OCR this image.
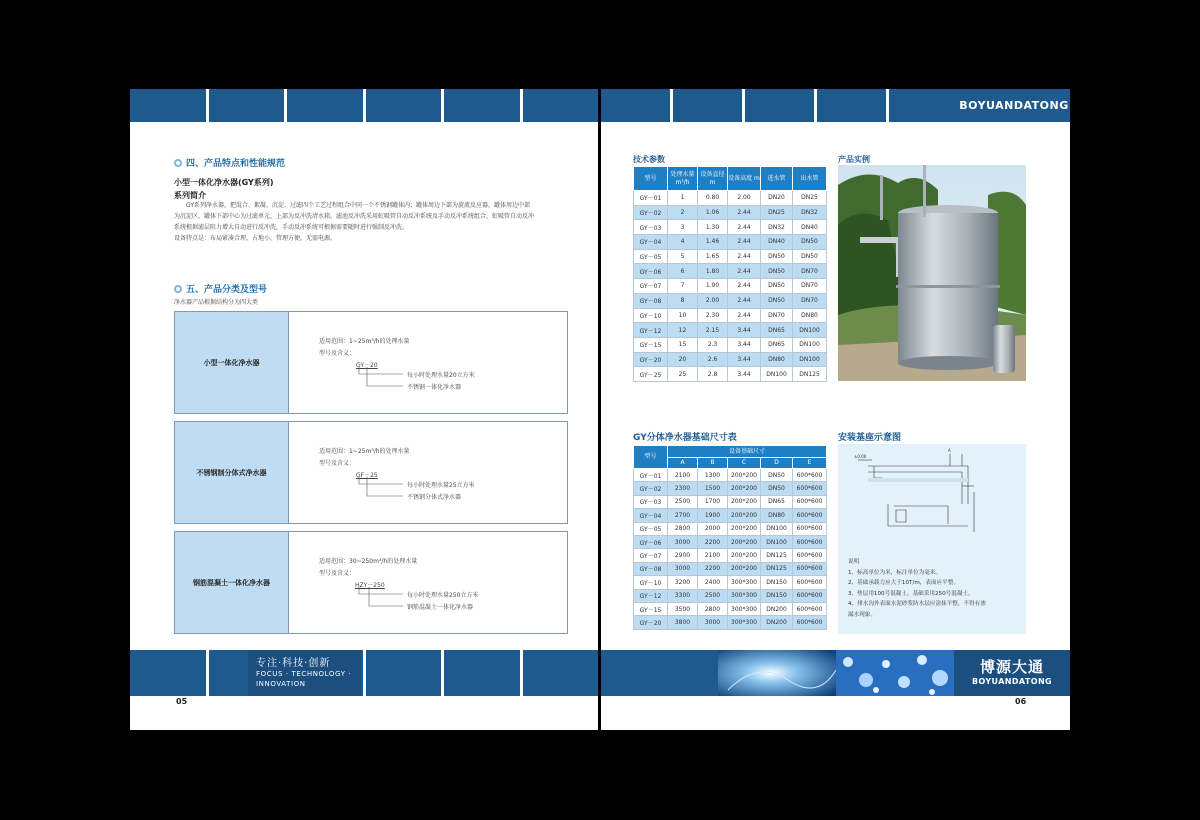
四、产品特点和性能规范
小型一体化净水器(GY系列)
系列简介
GY系列净水器，把混合、絮凝、沉淀、过滤四个工艺过程组合中同一个不锈钢罐体内；罐体周边下部为旋流反应器，罐体周边中部
为沉淀区，罐体下部中心为过滤单元，上部为反冲洗清水箱。滤池反冲洗采用虹吸管自动反冲系统及手动反冲系统组合，虹吸管自动反冲
系统根据滤层阻力增大自动进行反冲洗，手动反冲系统可根据需要随时进行强制反冲洗。
设备特点是：布局紧凑合理，占地小，管理方便，无需电源。
五、产品分类及型号
净水器产品根据结构分为四大类
小型一体化净水器
适用范围：1~25m³/h的处理水量
型号及含义：
GY－20
每小时处理水量20立方米
不锈钢一体化净水器
不锈钢制分体式净水器
适用范围：1~25m³/h的处理水量
型号及含义：
GF－25
每小时处理水量25立方米
不锈钢分体式净水器
钢筋混凝土一体化净水器
适用范围：30~250m³/h的处理水量
型号及含义：
HZY－250
每小时处理水量250立方米
钢筋混凝土一体化净水器
专注·科技·创新
FOCUS · TECHNOLOGY ·
INNOVATION
05
BOYUANDATONG
技术参数	产品实例
型号	处理水量 m³/h	设备直径 m	设备高度 m	进水管	出水管
GY－01	1	0.80	2.00	DN20	DN25
GY－02	2	1.06	2.44	DN25	DN32
GY－03	3	1.30	2.44	DN32	DN40
GY－04	4	1.46	2.44	DN40	DN50
GY－05	5	1.65	2.44	DN50	DN50
GY－06	6	1.80	2.44	DN50	DN70
GY－07	7	1.90	2.44	DN50	DN70
GY－08	8	2.00	2.44	DN50	DN70
GY－10	10	2.30	2.44	DN70	DN80
GY－12	12	2.15	3.44	DN65	DN100
GY－15	15	2.3	3.44	DN65	DN100
GY－20	20	2.6	3.44	DN80	DN100
GY－25	25	2.8	3.44	DN100	DN125
GY分体净水器基础尺寸表	安装基座示意图
型号	设备基础尺寸				
	A	B	C	D	E
GY－01	2100	1300	200*200	DN50	600*600
GY－02	2300	1500	200*200	DN50	600*600
GY－03	2500	1700	200*200	DN65	600*600
GY－04	2700	1900	200*200	DN80	600*600
GY－05	2800	2000	200*200	DN100	600*600
GY－06	3000	2200	200*200	DN100	600*600
GY－07	2900	2100	200*200	DN125	600*600
GY－08	3000	2200	200*200	DN125	600*600
GY－10	3200	2400	300*300	DN150	600*600
GY－12	3300	2500	300*300	DN150	600*600
GY－15	3500	2800	300*300	DN200	600*600
GY－20	3800	3000	300*300	DN200	600*600
±0.00
A
说明
1、标高单位为米，标注单位为毫米。
2、基础承载力应大于10T/m，表面应平整。
3、垫层用100号混凝土，基础采用250号混凝土。
4、排水沟外表面水泥砂浆防水层应涂抹平整，不得有渗
漏水现象。
博源大通
BOYUANDATONG
06
